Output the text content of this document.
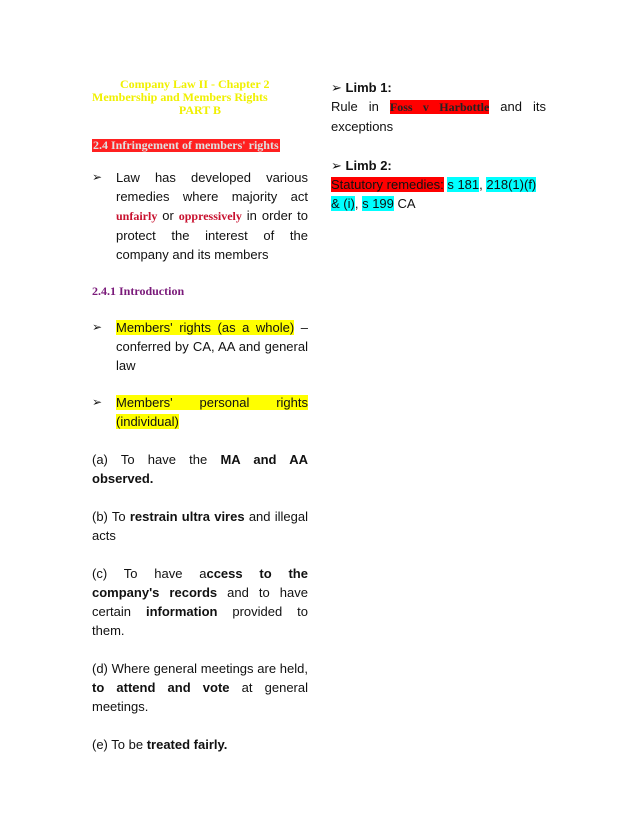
Company Law II - Chapter 2
Membership and Members Rights
PART B
2.4 Infringement of members' rights
➢ Law has developed various remedies where majority act unfairly or oppressively in order to protect the interest of the company and its members
2.4.1 Introduction
➢ Members' rights (as a whole) – conferred by CA, AA and general law
➢ Members' personal rights (individual)
(a) To have the MA and AA observed.
(b) To restrain ultra vires and illegal acts
(c) To have access to the company's records and to have certain information provided to them.
(d) Where general meetings are held, to attend and vote at general meetings.
(e) To be treated fairly.
➢ Limb 1:
Rule in Foss v Harbottle and its exceptions
➢ Limb 2:
Statutory remedies: s 181, 218(1)(f) & (i), s 199 CA
